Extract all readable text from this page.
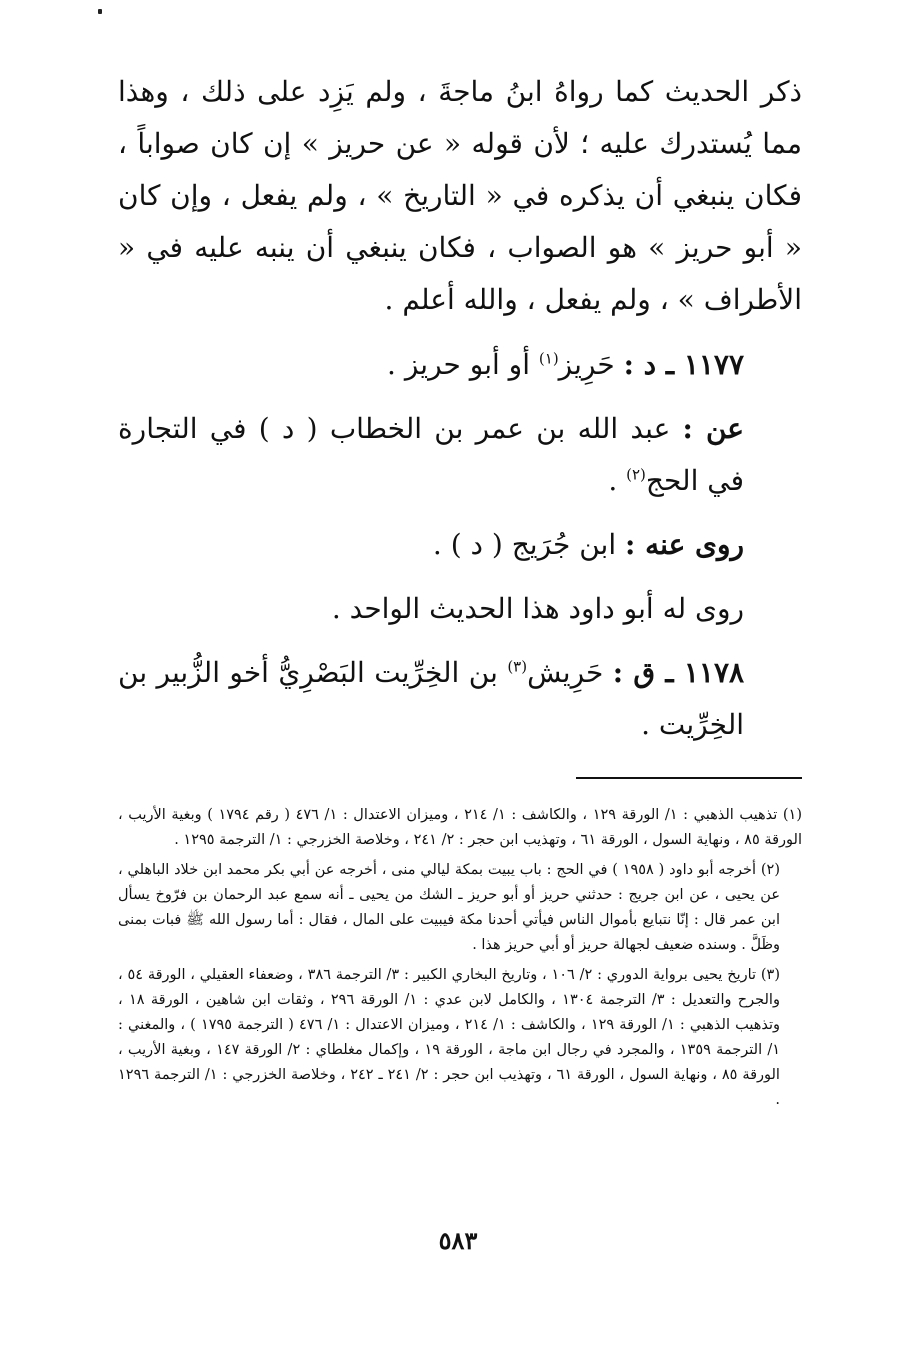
ذكر الحديث كما رواهُ ابنُ ماجةَ ، ولم يَزِد على ذلك ، وهذا مما يُستدرك عليه ؛ لأن قوله « عن حريز » إن كان صواباً ، فكان ينبغي أن يذكره في « التاريخ » ، ولم يفعل ، وإن كان « أبو حريز » هو الصواب ، فكان ينبغي أن ينبه عليه في « الأطراف » ، ولم يفعل ، والله أعلم .

١١٧٧ ـ د : حَرِيز$^{(١)}$ أو أبو حريز .

عن : عبد الله بن عمر بن الخطاب ( د ) في التجارة في الحج$^{(٢)}$ .

روى عنه : ابن جُرَيج ( د ) .

روى له أبو داود هذا الحديث الواحد .

١١٧٨ ـ ق : حَرِيش$^{(٣)}$ بن الخِرِّيت البَصْرِيُّ أخو الزُّبير بن الخِرِّيت .

(١) تذهيب الذهبي : ١/ الورقة ١٢٩ ، والكاشف : ١/ ٢١٤ ، وميزان الاعتدال : ١/ ٤٧٦ ( رقم ١٧٩٤ ) وبغية الأريب ، الورقة ٨٥ ، ونهاية السول ، الورقة ٦١ ، وتهذيب ابن حجر : ٢/ ٢٤١ ، وخلاصة الخزرجي : ١/ الترجمة ١٢٩٥ .

(٢) أخرجه أبو داود ( ١٩٥٨ ) في الحج : باب يبيت بمكة ليالي منى ، أخرجه عن أبي بكر محمد ابن خلاد الباهلي ، عن يحيى ، عن ابن جريج : حدثني حريز أو أبو حريز ـ الشك من يحيى ـ أنه سمع عبد الرحمان بن فرّوخ يسأل ابن عمر قال : إنّا نتبايع بأموال الناس فيأتي أحدنا مكة فيبيت على المال ، فقال : أما رسول الله ﷺ فبات بمنى وظَلَّ . وسنده ضعيف لجهالة حريز أو أبي حريز هذا .

(٣) تاريخ يحيى برواية الدوري : ٢/ ١٠٦ ، وتاريخ البخاري الكبير : ٣/ الترجمة ٣٨٦ ، وضعفاء العقيلي ، الورقة ٥٤ ، والجرح والتعديل : ٣/ الترجمة ١٣٠٤ ، والكامل لابن عدي : ١/ الورقة ٢٩٦ ، وثقات ابن شاهين ، الورقة ١٨ ، وتذهيب الذهبي : ١/ الورقة ١٢٩ ، والكاشف : ١/ ٢١٤ ، وميزان الاعتدال : ١/ ٤٧٦ ( الترجمة ١٧٩٥ ) ، والمغني : ١/ الترجمة ١٣٥٩ ، والمجرد في رجال ابن ماجة ، الورقة ١٩ ، وإكمال مغلطاي : ٢/ الورقة ١٤٧ ، وبغية الأريب ، الورقة ٨٥ ، ونهاية السول ، الورقة ٦١ ، وتهذيب ابن حجر : ٢/ ٢٤١ ـ ٢٤٢ ، وخلاصة الخزرجي : ١/ الترجمة ١٢٩٦ .

٥٨٣
